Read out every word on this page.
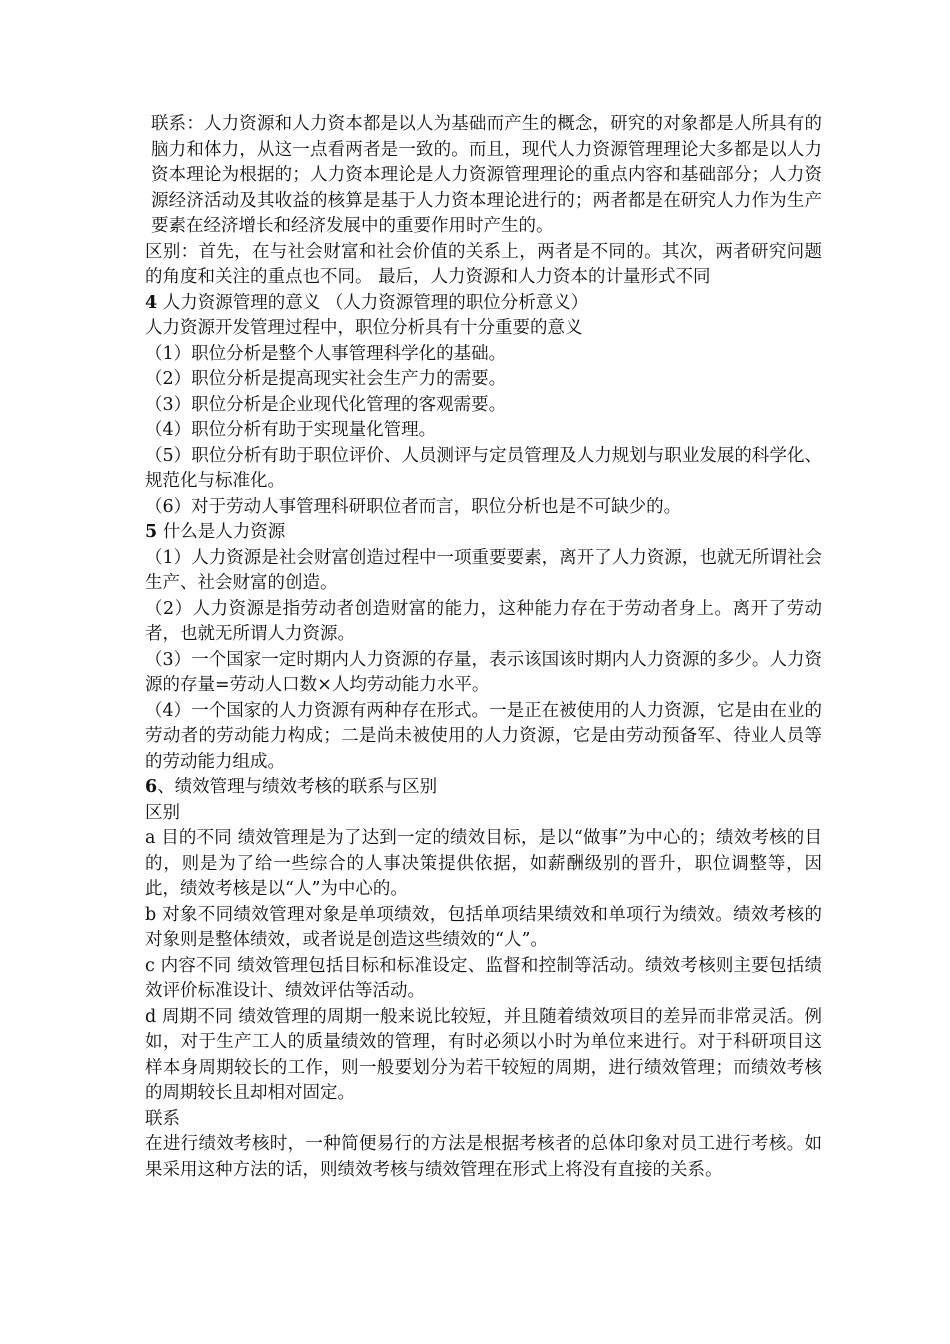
联系：人力资源和人力资本都是以人为基础而产生的概念，研究的对象都是人所具有的脑力和体力，从这一点看两者是一致的。而且，现代人力资源管理理论大多都是以人力资本理论为根据的；人力资本理论是人力资源管理理论的重点内容和基础部分；人力资源经济活动及其收益的核算是基于人力资本理论进行的；两者都是在研究人力作为生产要素在经济增长和经济发展中的重要作用时产生的。

区别：首先，在与社会财富和社会价值的关系上，两者是不同的。其次，两者研究问题的角度和关注的重点也不同。 最后，人力资源和人力资本的计量形式不同

4 人力资源管理的意义 （人力资源管理的职位分析意义）

人力资源开发管理过程中，职位分析具有十分重要的意义

（1）职位分析是整个人事管理科学化的基础。

（2）职位分析是提高现实社会生产力的需要。

（3）职位分析是企业现代化管理的客观需要。

（4）职位分析有助于实现量化管理。

（5）职位分析有助于职位评价、人员测评与定员管理及人力规划与职业发展的科学化、规范化与标准化。

（6）对于劳动人事管理科研职位者而言，职位分析也是不可缺少的。

5 什么是人力资源

（1）人力资源是社会财富创造过程中一项重要要素，离开了人力资源，也就无所谓社会生产、社会财富的创造。

（2）人力资源是指劳动者创造财富的能力，这种能力存在于劳动者身上。离开了劳动者，也就无所谓人力资源。

（3）一个国家一定时期内人力资源的存量，表示该国该时期内人力资源的多少。人力资源的存量=劳动人口数×人均劳动能力水平。

（4）一个国家的人力资源有两种存在形式。一是正在被使用的人力资源，它是由在业的劳动者的劳动能力构成；二是尚未被使用的人力资源，它是由劳动预备军、待业人员等的劳动能力组成。

6、绩效管理与绩效考核的联系与区别

区别

a 目的不同 绩效管理是为了达到一定的绩效目标，是以“做事”为中心的；绩效考核的目的，则是为了给一些综合的人事决策提供依据，如薪酬级别的晋升，职位调整等，因此，绩效考核是以“人”为中心的。

b 对象不同绩效管理对象是单项绩效，包括单项结果绩效和单项行为绩效。绩效考核的对象则是整体绩效，或者说是创造这些绩效的“人”。

c 内容不同 绩效管理包括目标和标准设定、监督和控制等活动。绩效考核则主要包括绩效评价标准设计、绩效评估等活动。

d 周期不同 绩效管理的周期一般来说比较短，并且随着绩效项目的差异而非常灵活。例如，对于生产工人的质量绩效的管理，有时必须以小时为单位来进行。对于科研项目这样本身周期较长的工作，则一般要划分为若干较短的周期，进行绩效管理；而绩效考核的周期较长且却相对固定。

联系

在进行绩效考核时，一种简便易行的方法是根据考核者的总体印象对员工进行考核。如果采用这种方法的话，则绩效考核与绩效管理在形式上将没有直接的关系。
